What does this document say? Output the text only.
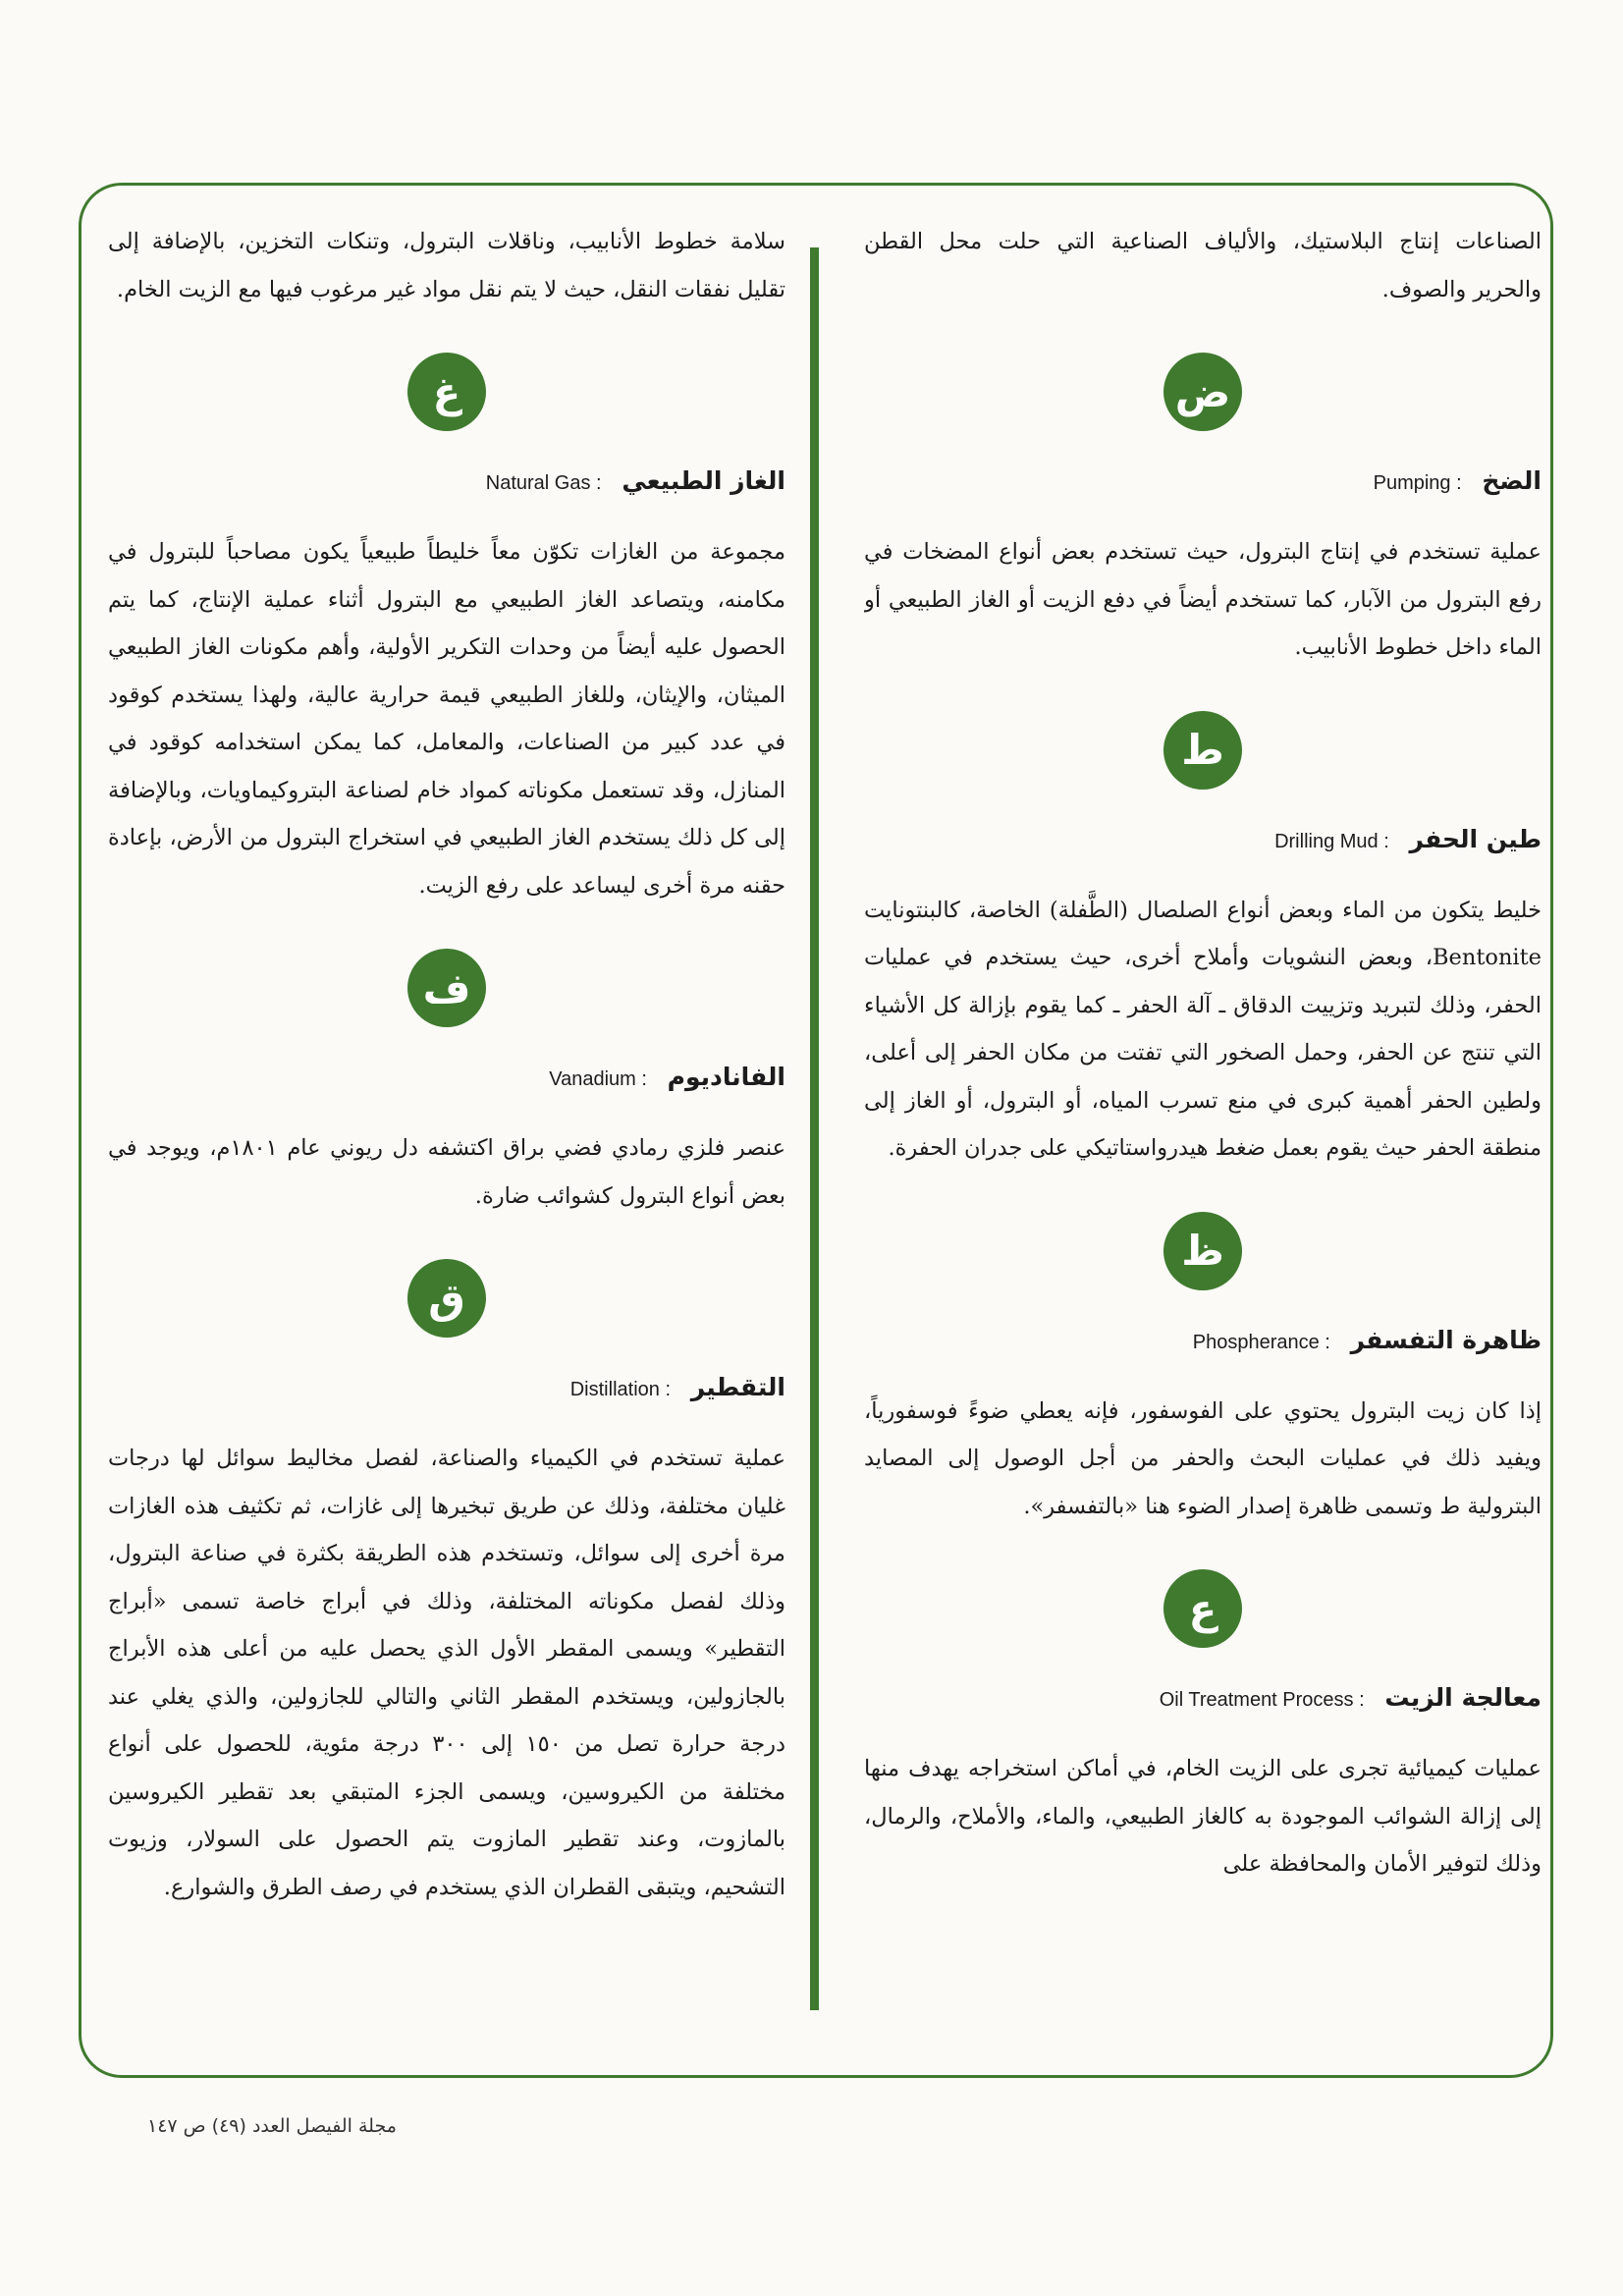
الصناعات إنتاج البلاستيك، والألياف الصناعية التي حلت محل القطن والحرير والصوف.

ض
الضخ : Pumping

عملية تستخدم في إنتاج البترول، حيث تستخدم بعض أنواع المضخات في رفع البترول من الآبار، كما تستخدم أيضاً في دفع الزيت أو الغاز الطبيعي أو الماء داخل خطوط الأنابيب.

ط
طين الحفر : Drilling Mud

خليط يتكون من الماء وبعض أنواع الصلصال (الطَّفلة) الخاصة، كالبنتونايت Bentonite، وبعض النشويات وأملاح أخرى، حيث يستخدم في عمليات الحفر، وذلك لتبريد وتزييت الدقاق ـ آلة الحفر ـ كما يقوم بإزالة كل الأشياء التي تنتج عن الحفر، وحمل الصخور التي تفتت من مكان الحفر إلى أعلى، ولطين الحفر أهمية كبرى في منع تسرب المياه، أو البترول، أو الغاز إلى منطقة الحفر حيث يقوم بعمل ضغط هيدرواستاتيكي على جدران الحفرة.

ظ
ظاهرة التفسفر : Phospherance

إذا كان زيت البترول يحتوي على الفوسفور، فإنه يعطي ضوءً فوسفورياً، ويفيد ذلك في عمليات البحث والحفر من أجل الوصول إلى المصايد البترولية ط وتسمى ظاهرة إصدار الضوء هنا «بالتفسفر».

ع
معالجة الزيت : Oil Treatment Process

عمليات كيميائية تجرى على الزيت الخام، في أماكن استخراجه يهدف منها إلى إزالة الشوائب الموجودة به كالغاز الطبيعي، والماء، والأملاح، والرمال، وذلك لتوفير الأمان والمحافظة على

سلامة خطوط الأنابيب، وناقلات البترول، وتنكات التخزين، بالإضافة إلى تقليل نفقات النقل، حيث لا يتم نقل مواد غير مرغوب فيها مع الزيت الخام.

غ
الغاز الطبيعي : Natural Gas

مجموعة من الغازات تكوّن معاً خليطاً طبيعياً يكون مصاحباً للبترول في مكامنه، ويتصاعد الغاز الطبيعي مع البترول أثناء عملية الإنتاج، كما يتم الحصول عليه أيضاً من وحدات التكرير الأولية، وأهم مكونات الغاز الطبيعي الميثان، والإيثان، وللغاز الطبيعي قيمة حرارية عالية، ولهذا يستخدم كوقود في عدد كبير من الصناعات، والمعامل، كما يمكن استخدامه كوقود في المنازل، وقد تستعمل مكوناته كمواد خام لصناعة البتروكيماويات، وبالإضافة إلى كل ذلك يستخدم الغاز الطبيعي في استخراج البترول من الأرض، بإعادة حقنه مرة أخرى ليساعد على رفع الزيت.

ف
الفاناديوم : Vanadium

عنصر فلزي رمادي فضي براق اكتشفه دل ريوني عام ١٨٠١م، ويوجد في بعض أنواع البترول كشوائب ضارة.

ق
التقطير : Distillation

عملية تستخدم في الكيمياء والصناعة، لفصل مخاليط سوائل لها درجات غليان مختلفة، وذلك عن طريق تبخيرها إلى غازات، ثم تكثيف هذه الغازات مرة أخرى إلى سوائل، وتستخدم هذه الطريقة بكثرة في صناعة البترول، وذلك لفصل مكوناته المختلفة، وذلك في أبراج خاصة تسمى «أبراج التقطير» ويسمى المقطر الأول الذي يحصل عليه من أعلى هذه الأبراج بالجازولين، ويستخدم المقطر الثاني والتالي للجازولين، والذي يغلي عند درجة حرارة تصل من ١٥٠ إلى ٣٠٠ درجة مئوية، للحصول على أنواع مختلفة من الكيروسين، ويسمى الجزء المتبقي بعد تقطير الكيروسين بالمازوت، وعند تقطير المازوت يتم الحصول على السولار، وزيوت التشحيم، ويتبقى القطران الذي يستخدم في رصف الطرق والشوارع.

مجلة الفيصل العدد (٤٩) ص ١٤٧
